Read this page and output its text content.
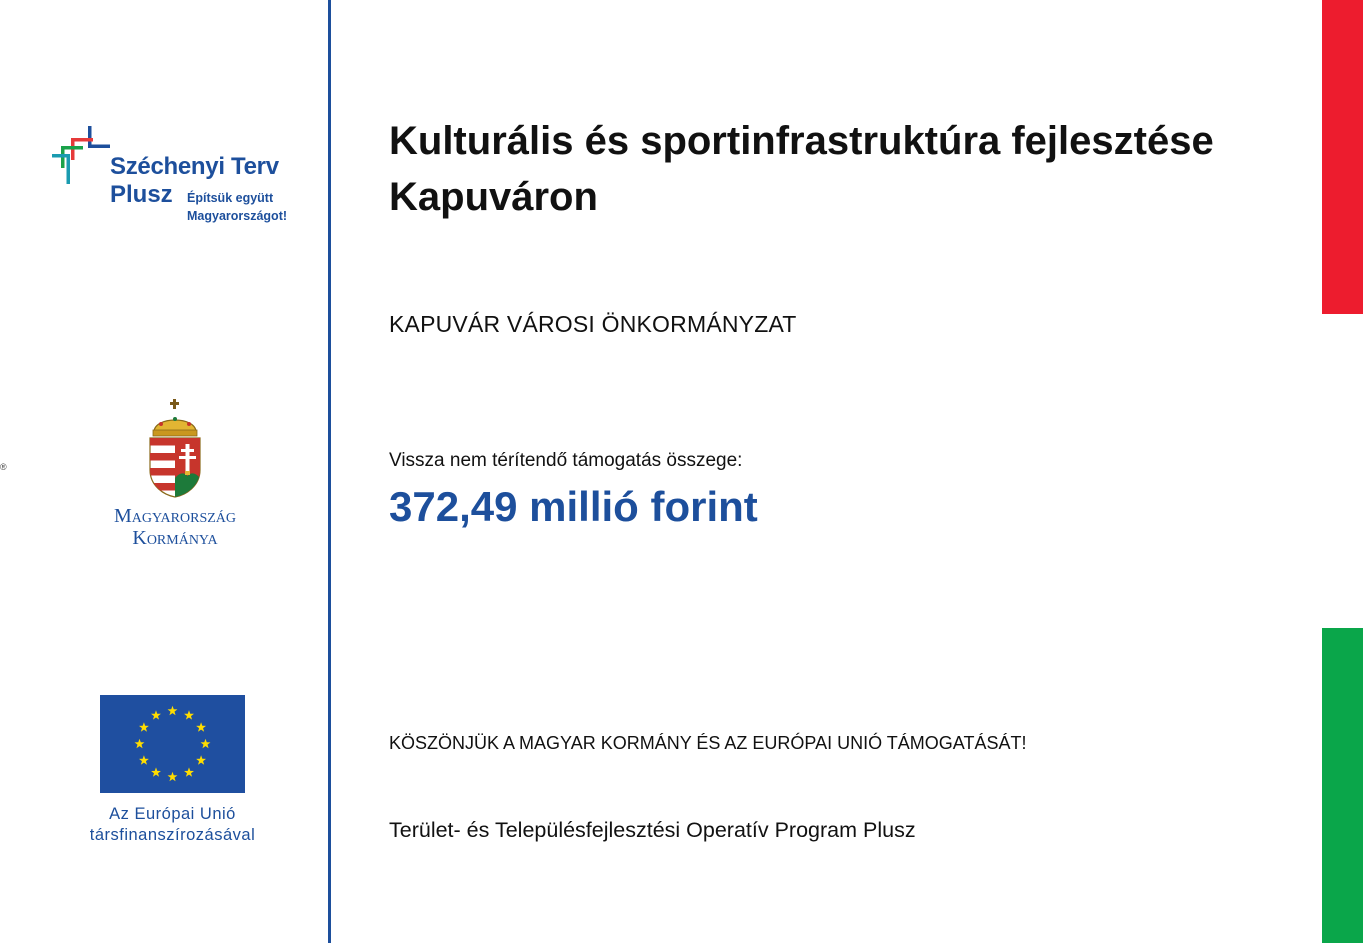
®
Széchenyi Terv
Plusz Építsük együtt
Magyarországot!
Magyarország
Kormánya
Az Európai Unió
társfinanszírozásával
Kulturális és sportinfrastruktúra fejlesztése Kapuváron
KAPUVÁR VÁROSI ÖNKORMÁNYZAT
Vissza nem térítendő támogatás összege:
372,49 millió forint
KÖSZÖNJÜK A MAGYAR KORMÁNY ÉS AZ EURÓPAI UNIÓ TÁMOGATÁSÁT!
Terület- és Településfejlesztési Operatív Program Plusz
